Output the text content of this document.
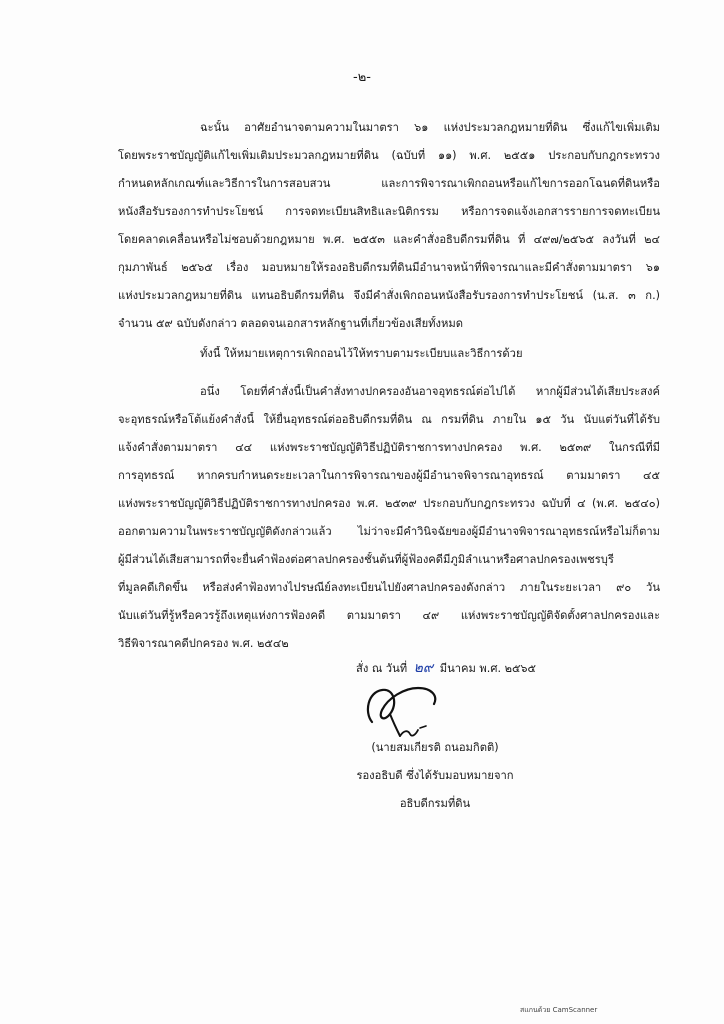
-๒-
ฉะนั้น อาศัยอำนาจตามความในมาตรา ๖๑ แห่งประมวลกฎหมายที่ดิน ซึ่งแก้ไขเพิ่มเติม
โดยพระราชบัญญัติแก้ไขเพิ่มเติมประมวลกฎหมายที่ดิน (ฉบับที่ ๑๑) พ.ศ. ๒๕๕๑ ประกอบกับกฎกระทรวง
กำหนดหลักเกณฑ์และวิธีการในการสอบสวน และการพิจารณาเพิกถอนหรือแก้ไขการออกโฉนดที่ดินหรือ
หนังสือรับรองการทำประโยชน์ การจดทะเบียนสิทธิและนิติกรรม หรือการจดแจ้งเอกสารรายการจดทะเบียน
โดยคลาดเคลื่อนหรือไม่ชอบด้วยกฎหมาย พ.ศ. ๒๕๕๓ และคำสั่งอธิบดีกรมที่ดิน ที่ ๔๙๗/๒๕๖๕ ลงวันที่ ๒๔
กุมภาพันธ์ ๒๕๖๕ เรื่อง มอบหมายให้รองอธิบดีกรมที่ดินมีอำนาจหน้าที่พิจารณาและมีคำสั่งตามมาตรา ๖๑
แห่งประมวลกฎหมายที่ดิน แทนอธิบดีกรมที่ดิน จึงมีคำสั่งเพิกถอนหนังสือรับรองการทำประโยชน์ (น.ส. ๓ ก.)
จำนวน ๕๙ ฉบับดังกล่าว ตลอดจนเอกสารหลักฐานที่เกี่ยวข้องเสียทั้งหมด
ทั้งนี้ ให้หมายเหตุการเพิกถอนไว้ให้ทราบตามระเบียบและวิธีการด้วย
อนึ่ง โดยที่คำสั่งนี้เป็นคำสั่งทางปกครองอันอาจอุทธรณ์ต่อไปได้ หากผู้มีส่วนได้เสียประสงค์
จะอุทธรณ์หรือโต้แย้งคำสั่งนี้ ให้ยื่นอุทธรณ์ต่ออธิบดีกรมที่ดิน ณ กรมที่ดิน ภายใน ๑๕ วัน นับแต่วันที่ได้รับ
แจ้งคำสั่งตามมาตรา ๔๔ แห่งพระราชบัญญัติวิธีปฏิบัติราชการทางปกครอง พ.ศ. ๒๕๓๙ ในกรณีที่มี
การอุทธรณ์ หากครบกำหนดระยะเวลาในการพิจารณาของผู้มีอำนาจพิจารณาอุทธรณ์ ตามมาตรา ๔๕
แห่งพระราชบัญญัติวิธีปฏิบัติราชการทางปกครอง พ.ศ. ๒๕๓๙ ประกอบกับกฎกระทรวง ฉบับที่ ๔ (พ.ศ. ๒๕๔๐)
ออกตามความในพระราชบัญญัติดังกล่าวแล้ว ไม่ว่าจะมีคำวินิจฉัยของผู้มีอำนาจพิจารณาอุทธรณ์หรือไม่ก็ตาม
ผู้มีส่วนได้เสียสามารถที่จะยื่นคำฟ้องต่อศาลปกครองชั้นต้นที่ผู้ฟ้องคดีมีภูมิลำเนาหรือศาลปกครองเพชรบุรี
ที่มูลคดีเกิดขึ้น หรือส่งคำฟ้องทางไปรษณีย์ลงทะเบียนไปยังศาลปกครองดังกล่าว ภายในระยะเวลา ๙๐ วัน
นับแต่วันที่รู้หรือควรรู้ถึงเหตุแห่งการฟ้องคดี ตามมาตรา ๔๙ แห่งพระราชบัญญัติจัดตั้งศาลปกครองและ
วิธีพิจารณาคดีปกครอง พ.ศ. ๒๕๔๒
สั่ง ณ วันที่ ๒๙ มีนาคม พ.ศ. ๒๕๖๕
(นายสมเกียรติ ถนอมกิตติ)
รองอธิบดี ซึ่งได้รับมอบหมายจาก
อธิบดีกรมที่ดิน
สแกนด้วย CamScanner
